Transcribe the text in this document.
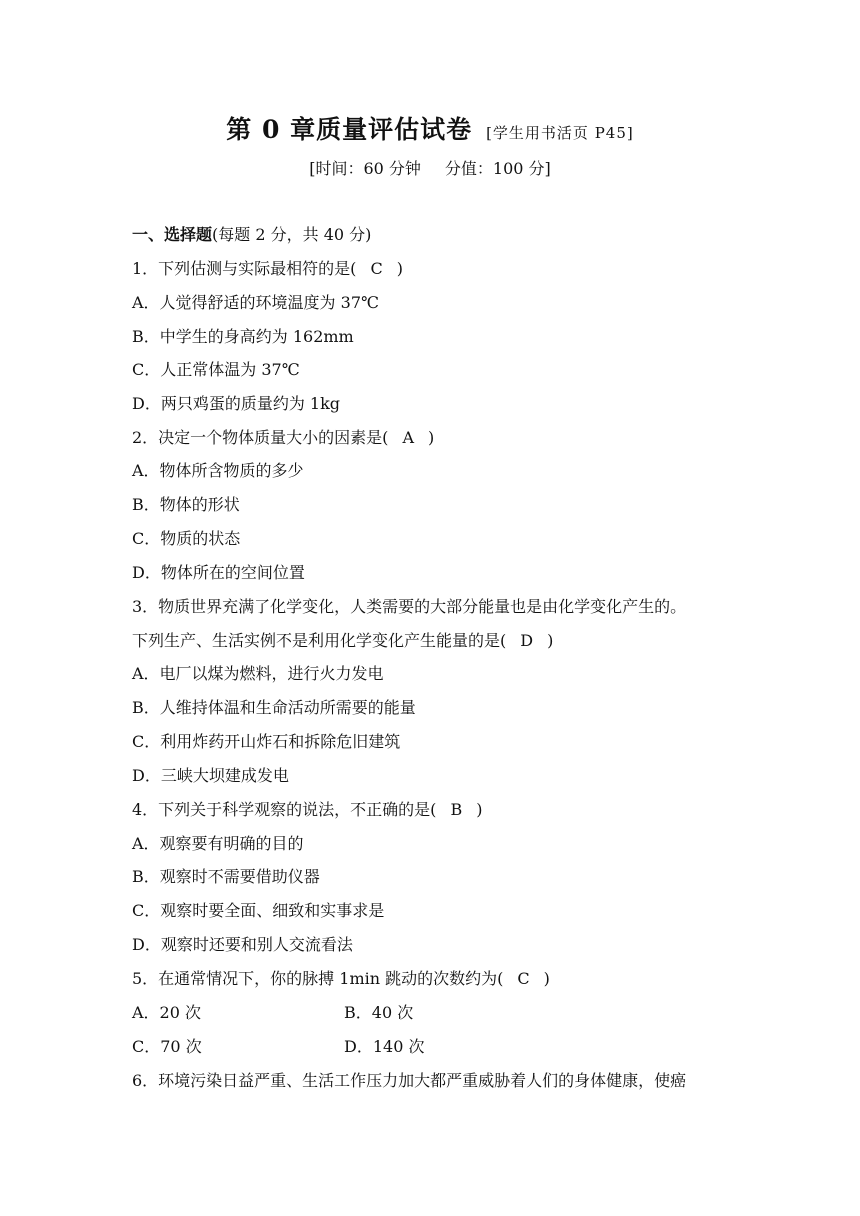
第 0 章质量评估试卷 [学生用书活页 P45]
[时间：60 分钟 分值：100 分]
一、选择题(每题 2 分，共 40 分)
1．下列估测与实际最相符的是( C )
A．人觉得舒适的环境温度为 37℃
B．中学生的身高约为 162mm
C．人正常体温为 37℃
D．两只鸡蛋的质量约为 1kg
2．决定一个物体质量大小的因素是( A )
A．物体所含物质的多少
B．物体的形状
C．物质的状态
D．物体所在的空间位置
3．物质世界充满了化学变化，人类需要的大部分能量也是由化学变化产生的。
下列生产、生活实例不是利用化学变化产生能量的是( D )
A．电厂以煤为燃料，进行火力发电
B．人维持体温和生命活动所需要的能量
C．利用炸药开山炸石和拆除危旧建筑
D．三峡大坝建成发电
4．下列关于科学观察的说法，不正确的是( B )
A．观察要有明确的目的
B．观察时不需要借助仪器
C．观察时要全面、细致和实事求是
D．观察时还要和别人交流看法
5．在通常情况下，你的脉搏 1min 跳动的次数约为( C )
A．20 次	B．40 次
C．70 次	D．140 次
6．环境污染日益严重、生活工作压力加大都严重威胁着人们的身体健康，使癌
